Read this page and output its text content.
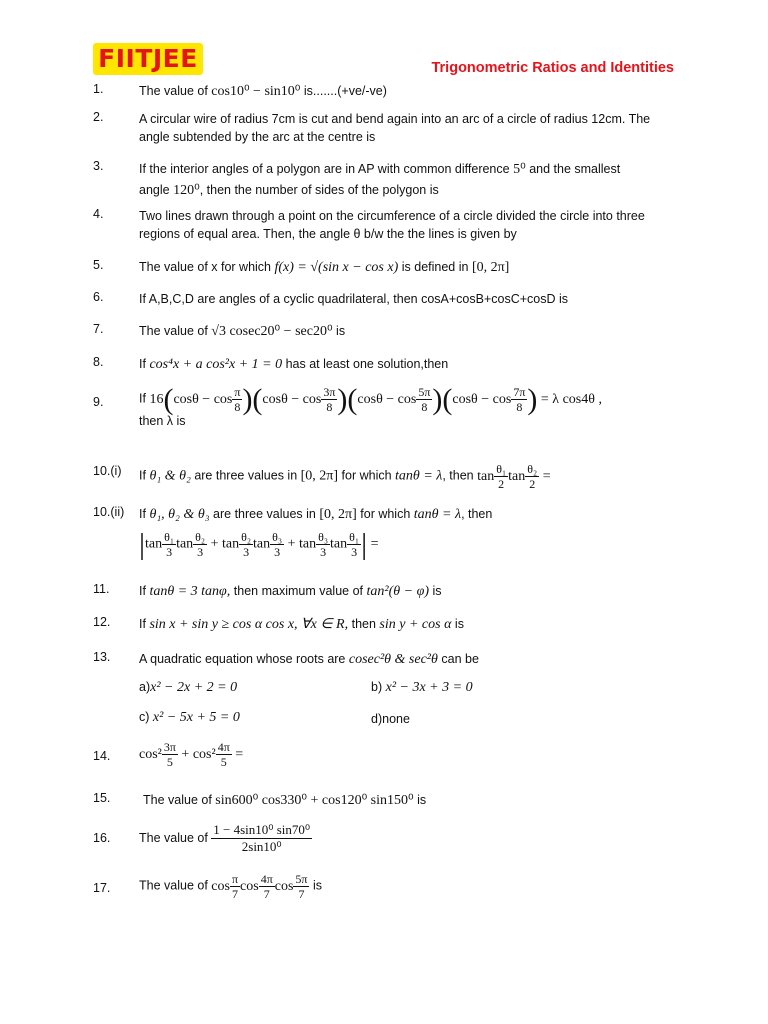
FIITJEE	Trigonometric Ratios and Identities
1.	The value of cos10⁰ − sin10⁰ is.......(+ve/-ve)
2.	A circular wire of radius 7cm is cut and bend again into an arc of a circle of radius 12cm. The angle subtended by the arc at the centre is
3.	If the interior angles of a polygon are in AP with common difference 5⁰ and the smallest
angle 120⁰, then the number of sides of the polygon is
4.	Two lines drawn through a point on the circumference of a circle divided the circle into three regions of equal area. Then, the angle θ b/w the the lines is given by
5.	The value of x for which f(x) = √(sin x − cos x) is defined in [0, 2π]
6.	If A,B,C,D are angles of a cyclic quadrilateral, then cosA+cosB+cosC+cosD is
7.	The value of √3 cosec20⁰ − sec20⁰ is
8.	If cos⁴x + a cos²x + 1 = 0 has at least one solution,then
9.	If $16(\cos\theta - \cos \frac{\pi}{8} )(\cos\theta - \cos \frac{3\pi}{8} )(\cos\theta - \cos \frac{5\pi}{8} )(\cos\theta - \cos \frac{7\pi}{8}$ ) = λ cos4θ ,
then λ is
10.(i) If θ₁ & θ₂ are three values in [0, 2π] for which tanθ = λ, then $\tan \frac{\text{θ₁}}{2}$ $\tan \frac{\text{θ₂}}{2}$ =
10.(ii) If θ₁, θ₂ & θ₃ are three values in [0, 2π] for which tanθ = λ, then
$|\tan \frac{\text{θ₁}}{3}$ $\tan \frac{\text{θ₂}}{3} + \tan \frac{\text{θ₂}}{3}$ $\tan \frac{\text{θ₃}}{3} + \tan \frac{\text{θ₃}}{3}$ $\tan \frac{\text{θ₁}}{3}$ | =
11. If tanθ = 3 tanφ, then maximum value of tan²(θ − φ) is
12. If sin x + sin y ≥ cos α cos x, ∀x ∈ R, then sin y + cos α is
13. A quadratic equation whose roots are cosec²θ & sec²θ can be
a)x² − 2x + 2 = 0	b) x² − 3x + 3 = 0
c) x² − 5x + 5 = 0	d)none
14. $\cos^2 \frac{3\pi}{5} + \cos^2 \frac{4\pi}{5}$ =
15.	The value of sin600⁰ cos330⁰ + cos120⁰ sin150⁰ is
16. The value of $\frac{\text{1 − 4sin10⁰ sin70⁰}}{\text{2sin10⁰}}$
17. The value of $\cos \frac{\pi}{7}$ $\cos \frac{4\pi}{7}$ $\cos \frac{5\pi}{7}$ is
